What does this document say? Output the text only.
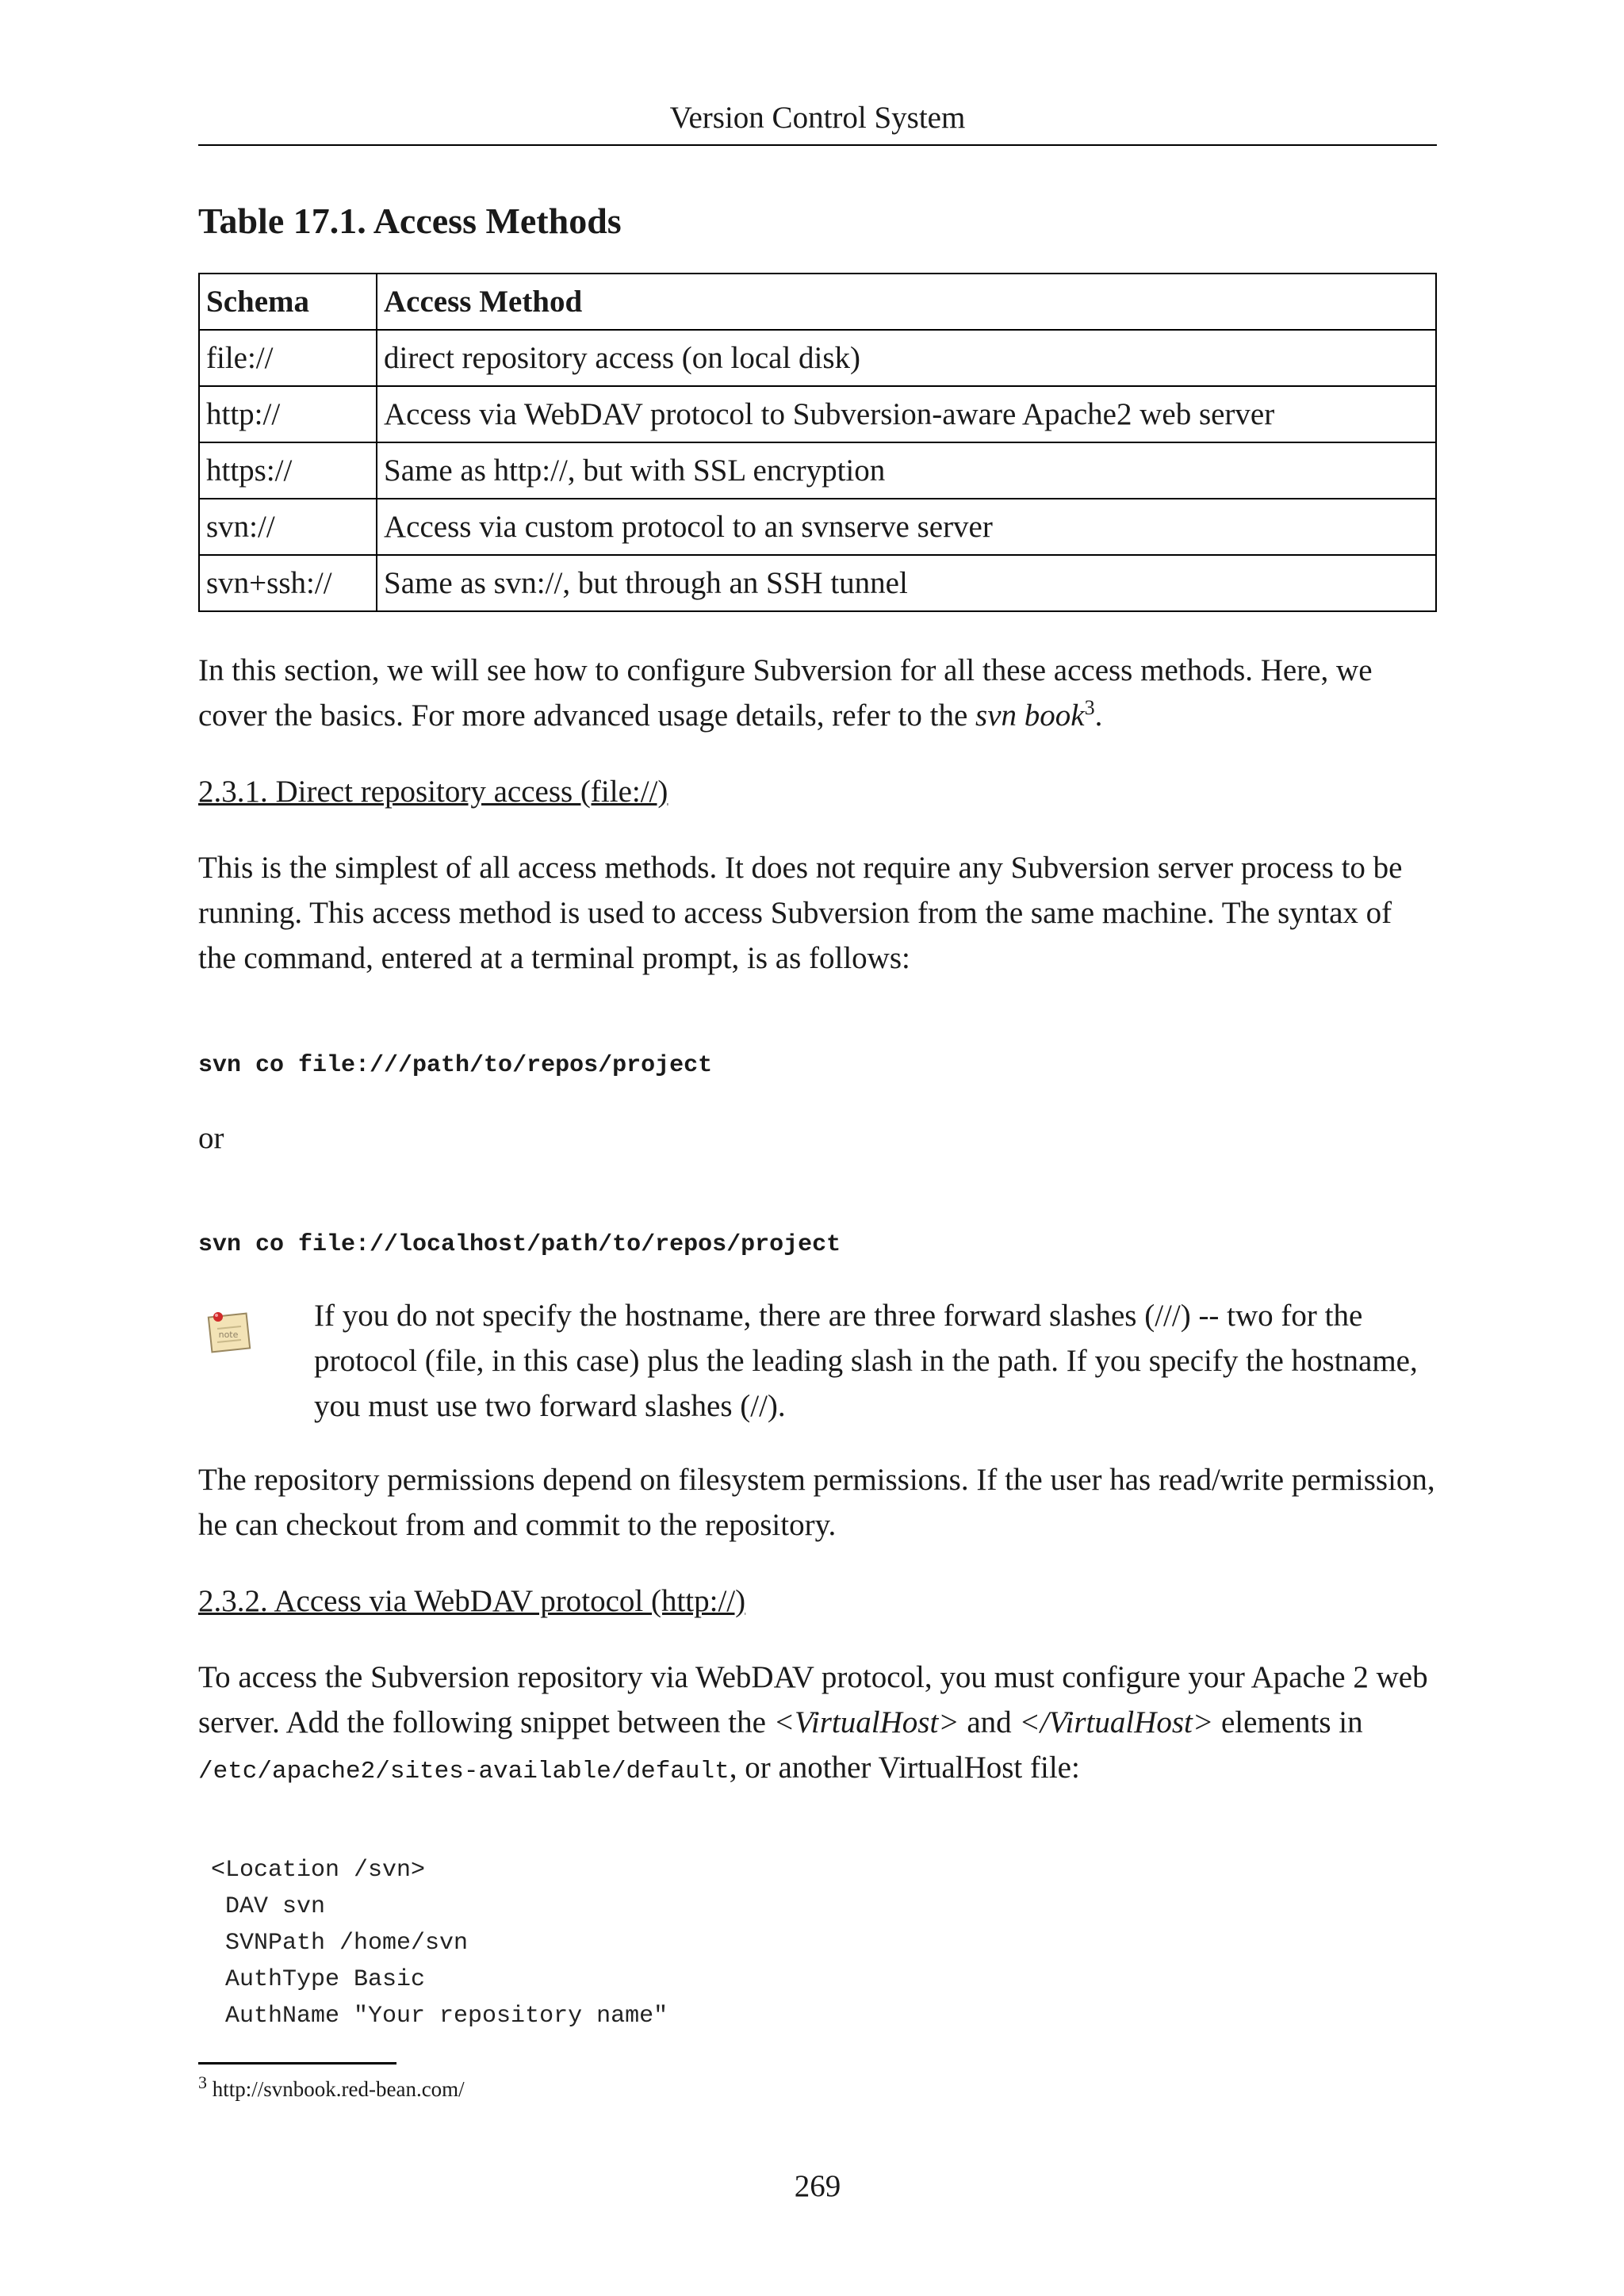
Version Control System
Table 17.1. Access Methods
Schema	Access Method
file://	direct repository access (on local disk)
http://	Access via WebDAV protocol to Subversion-aware Apache2 web server
https://	Same as http://, but with SSL encryption
svn://	Access via custom protocol to an svnserve server
svn+ssh://	Same as svn://, but through an SSH tunnel

In this section, we will see how to configure Subversion for all these access methods. Here, we cover the basics. For more advanced usage details, refer to the svn book$^3$.

2.3.1. Direct repository access (file://)

This is the simplest of all access methods. It does not require any Subversion server process to be running. This access method is used to access Subversion from the same machine. The syntax of the command, entered at a terminal prompt, is as follows:

svn co file:///path/to/repos/project

or

svn co file://localhost/path/to/repos/project
note

If you do not specify the hostname, there are three forward slashes (///) -- two for the protocol (file, in this case) plus the leading slash in the path. If you specify the hostname, you must use two forward slashes (//).

The repository permissions depend on filesystem permissions. If the user has read/write permission, he can checkout from and commit to the repository.

2.3.2. Access via WebDAV protocol (http://)

To access the Subversion repository via WebDAV protocol, you must configure your Apache 2 web server. Add the following snippet between the <VirtualHost> and </VirtualHost> elements in /etc/apache2/sites-available/default, or another VirtualHost file:

<Location /svn>
DAV svn
SVNPath /home/svn
AuthType Basic
AuthName "Your repository name"
$^3$ http://svnbook.red-bean.com/
269
